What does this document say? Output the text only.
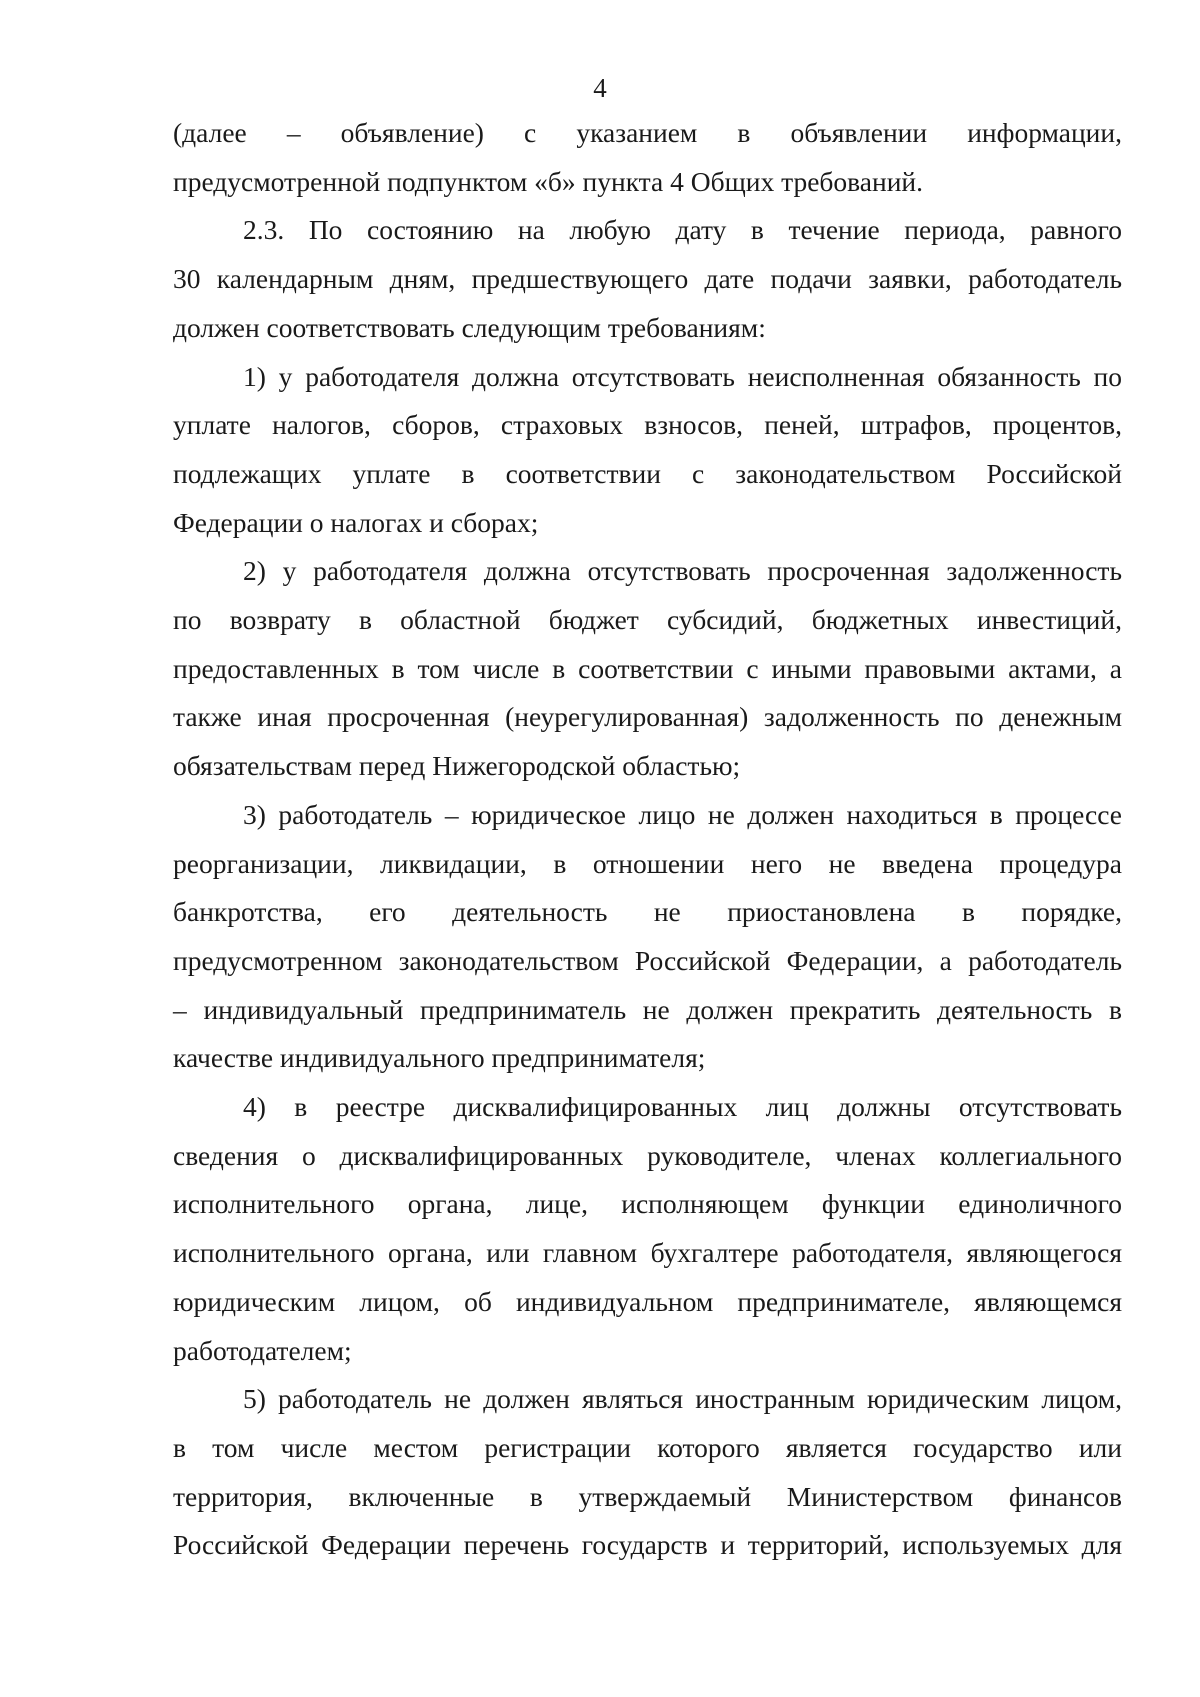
4
(далее – объявление) с указанием в объявлении информации,
предусмотренной подпунктом «б» пункта 4 Общих требований.
2.3. По состоянию на любую дату в течение периода, равного
30 календарным дням, предшествующего дате подачи заявки, работодатель
должен соответствовать следующим требованиям:
1) у работодателя должна отсутствовать неисполненная обязанность по
уплате налогов, сборов, страховых взносов, пеней, штрафов, процентов,
подлежащих уплате в соответствии с законодательством Российской
Федерации о налогах и сборах;
2) у работодателя должна отсутствовать просроченная задолженность
по возврату в областной бюджет субсидий, бюджетных инвестиций,
предоставленных в том числе в соответствии с иными правовыми актами, а
также иная просроченная (неурегулированная) задолженность по денежным
обязательствам перед Нижегородской областью;
3) работодатель – юридическое лицо не должен находиться в процессе
реорганизации, ликвидации, в отношении него не введена процедура
банкротства, его деятельность не приостановлена в порядке,
предусмотренном законодательством Российской Федерации, а работодатель
– индивидуальный предприниматель не должен прекратить деятельность в
качестве индивидуального предпринимателя;
4) в реестре дисквалифицированных лиц должны отсутствовать
сведения о дисквалифицированных руководителе, членах коллегиального
исполнительного органа, лице, исполняющем функции единоличного
исполнительного органа, или главном бухгалтере работодателя, являющегося
юридическим лицом, об индивидуальном предпринимателе, являющемся
работодателем;
5) работодатель не должен являться иностранным юридическим лицом,
в том числе местом регистрации которого является государство или
территория, включенные в утверждаемый Министерством финансов
Российской Федерации перечень государств и территорий, используемых для
